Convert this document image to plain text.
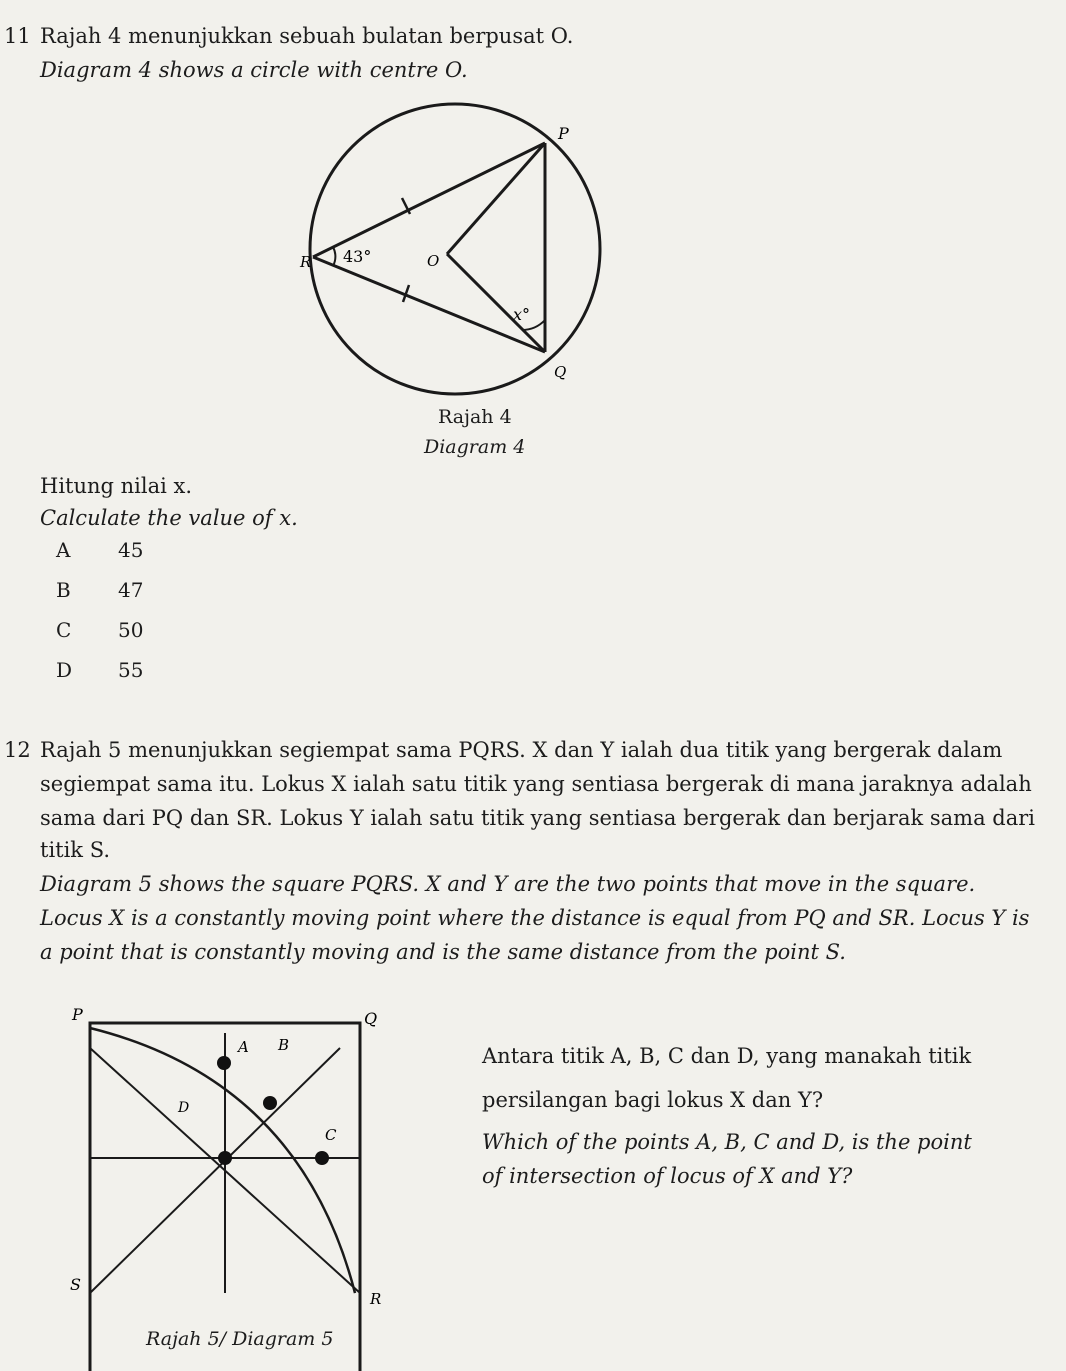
11 Rajah 4 menunjukkan sebuah bulatan berpusat O.
Diagram 4 shows a circle with centre O.
P
R	O
Q
43°
x°
Rajah 4
Diagram 4
Hitung nilai x.
Calculate the value of x.
A 45
B 47
C 50
D 55
12 Rajah 5 menunjukkan segiempat sama PQRS. X dan Y ialah dua titik yang bergerak dalam
segiempat sama itu. Lokus X ialah satu titik yang sentiasa bergerak di mana jaraknya adalah
sama dari PQ dan SR. Lokus Y ialah satu titik yang sentiasa bergerak dan berjarak sama dari
titik S.
Diagram 5 shows the square PQRS. X and Y are the two points that move in the square.
Locus X is a constantly moving point where the distance is equal from PQ and SR. Locus Y is
a point that is constantly moving and is the same distance from the point S.
P	Q
S
R
A B
D
C
Antara titik A, B, C dan D, yang manakah titik
persilangan bagi lokus X dan Y?
Which of the points A, B, C and D, is the point
of intersection of locus of X and Y?
Rajah 5/ Diagram 5
